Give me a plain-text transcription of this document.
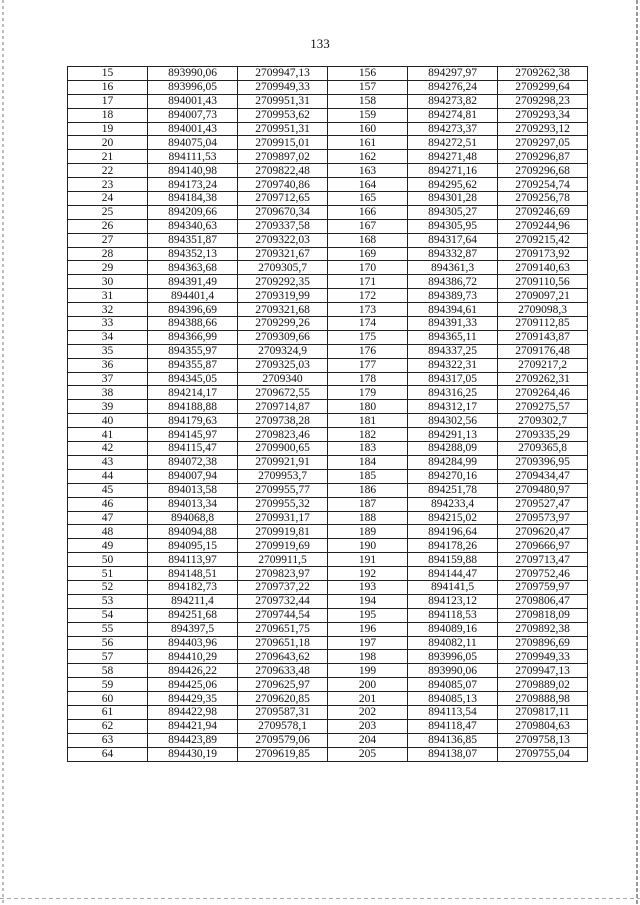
133
15	893990,06	2709947,13	156	894297,97	2709262,38
16	893996,05	2709949,33	157	894276,24	2709299,64
17	894001,43	2709951,31	158	894273,82	2709298,23
18	894007,73	2709953,62	159	894274,81	2709293,34
19	894001,43	2709951,31	160	894273,37	2709293,12
20	894075,04	2709915,01	161	894272,51	2709297,05
21	894111,53	2709897,02	162	894271,48	2709296,87
22	894140,98	2709822,48	163	894271,16	2709296,68
23	894173,24	2709740,86	164	894295,62	2709254,74
24	894184,38	2709712,65	165	894301,28	2709256,78
25	894209,66	2709670,34	166	894305,27	2709246,69
26	894340,63	2709337,58	167	894305,95	2709244,96
27	894351,87	2709322,03	168	894317,64	2709215,42
28	894352,13	2709321,67	169	894332,87	2709173,92
29	894363,68	2709305,7	170	894361,3	2709140,63
30	894391,49	2709292,35	171	894386,72	2709110,56
31	894401,4	2709319,99	172	894389,73	2709097,21
32	894396,69	2709321,68	173	894394,61	2709098,3
33	894388,66	2709299,26	174	894391,33	2709112,85
34	894366,99	2709309,66	175	894365,11	2709143,87
35	894355,97	2709324,9	176	894337,25	2709176,48
36	894355,87	2709325,03	177	894322,31	2709217,2
37	894345,05	2709340	178	894317,05	2709262,31
38	894214,17	2709672,55	179	894316,25	2709264,46
39	894188,88	2709714,87	180	894312,17	2709275,57
40	894179,63	2709738,28	181	894302,56	2709302,7
41	894145,97	2709823,46	182	894291,13	2709335,29
42	894115,47	2709900,65	183	894288,09	2709365,8
43	894072,38	2709921,91	184	894284,99	2709396,95
44	894007,94	2709953,7	185	894270,16	2709434,47
45	894013,58	2709955,77	186	894251,78	2709480,97
46	894013,34	2709955,32	187	894233,4	2709527,47
47	894068,8	2709931,17	188	894215,02	2709573,97
48	894094,88	2709919,81	189	894196,64	2709620,47
49	894095,15	2709919,69	190	894178,26	2709666,97
50	894113,97	2709911,5	191	894159,88	2709713,47
51	894148,51	2709823,97	192	894144,47	2709752,46
52	894182,73	2709737,22	193	894141,5	2709759,97
53	894211,4	2709732,44	194	894123,12	2709806,47
54	894251,68	2709744,54	195	894118,53	2709818,09
55	894397,5	2709651,75	196	894089,16	2709892,38
56	894403,96	2709651,18	197	894082,11	2709896,69
57	894410,29	2709643,62	198	893996,05	2709949,33
58	894426,22	2709633,48	199	893990,06	2709947,13
59	894425,06	2709625,97	200	894085,07	2709889,02
60	894429,35	2709620,85	201	894085,13	2709888,98
61	894422,98	2709587,31	202	894113,54	2709817,11
62	894421,94	2709578,1	203	894118,47	2709804,63
63	894423,89	2709579,06	204	894136,85	2709758,13
64	894430,19	2709619,85	205	894138,07	2709755,04
